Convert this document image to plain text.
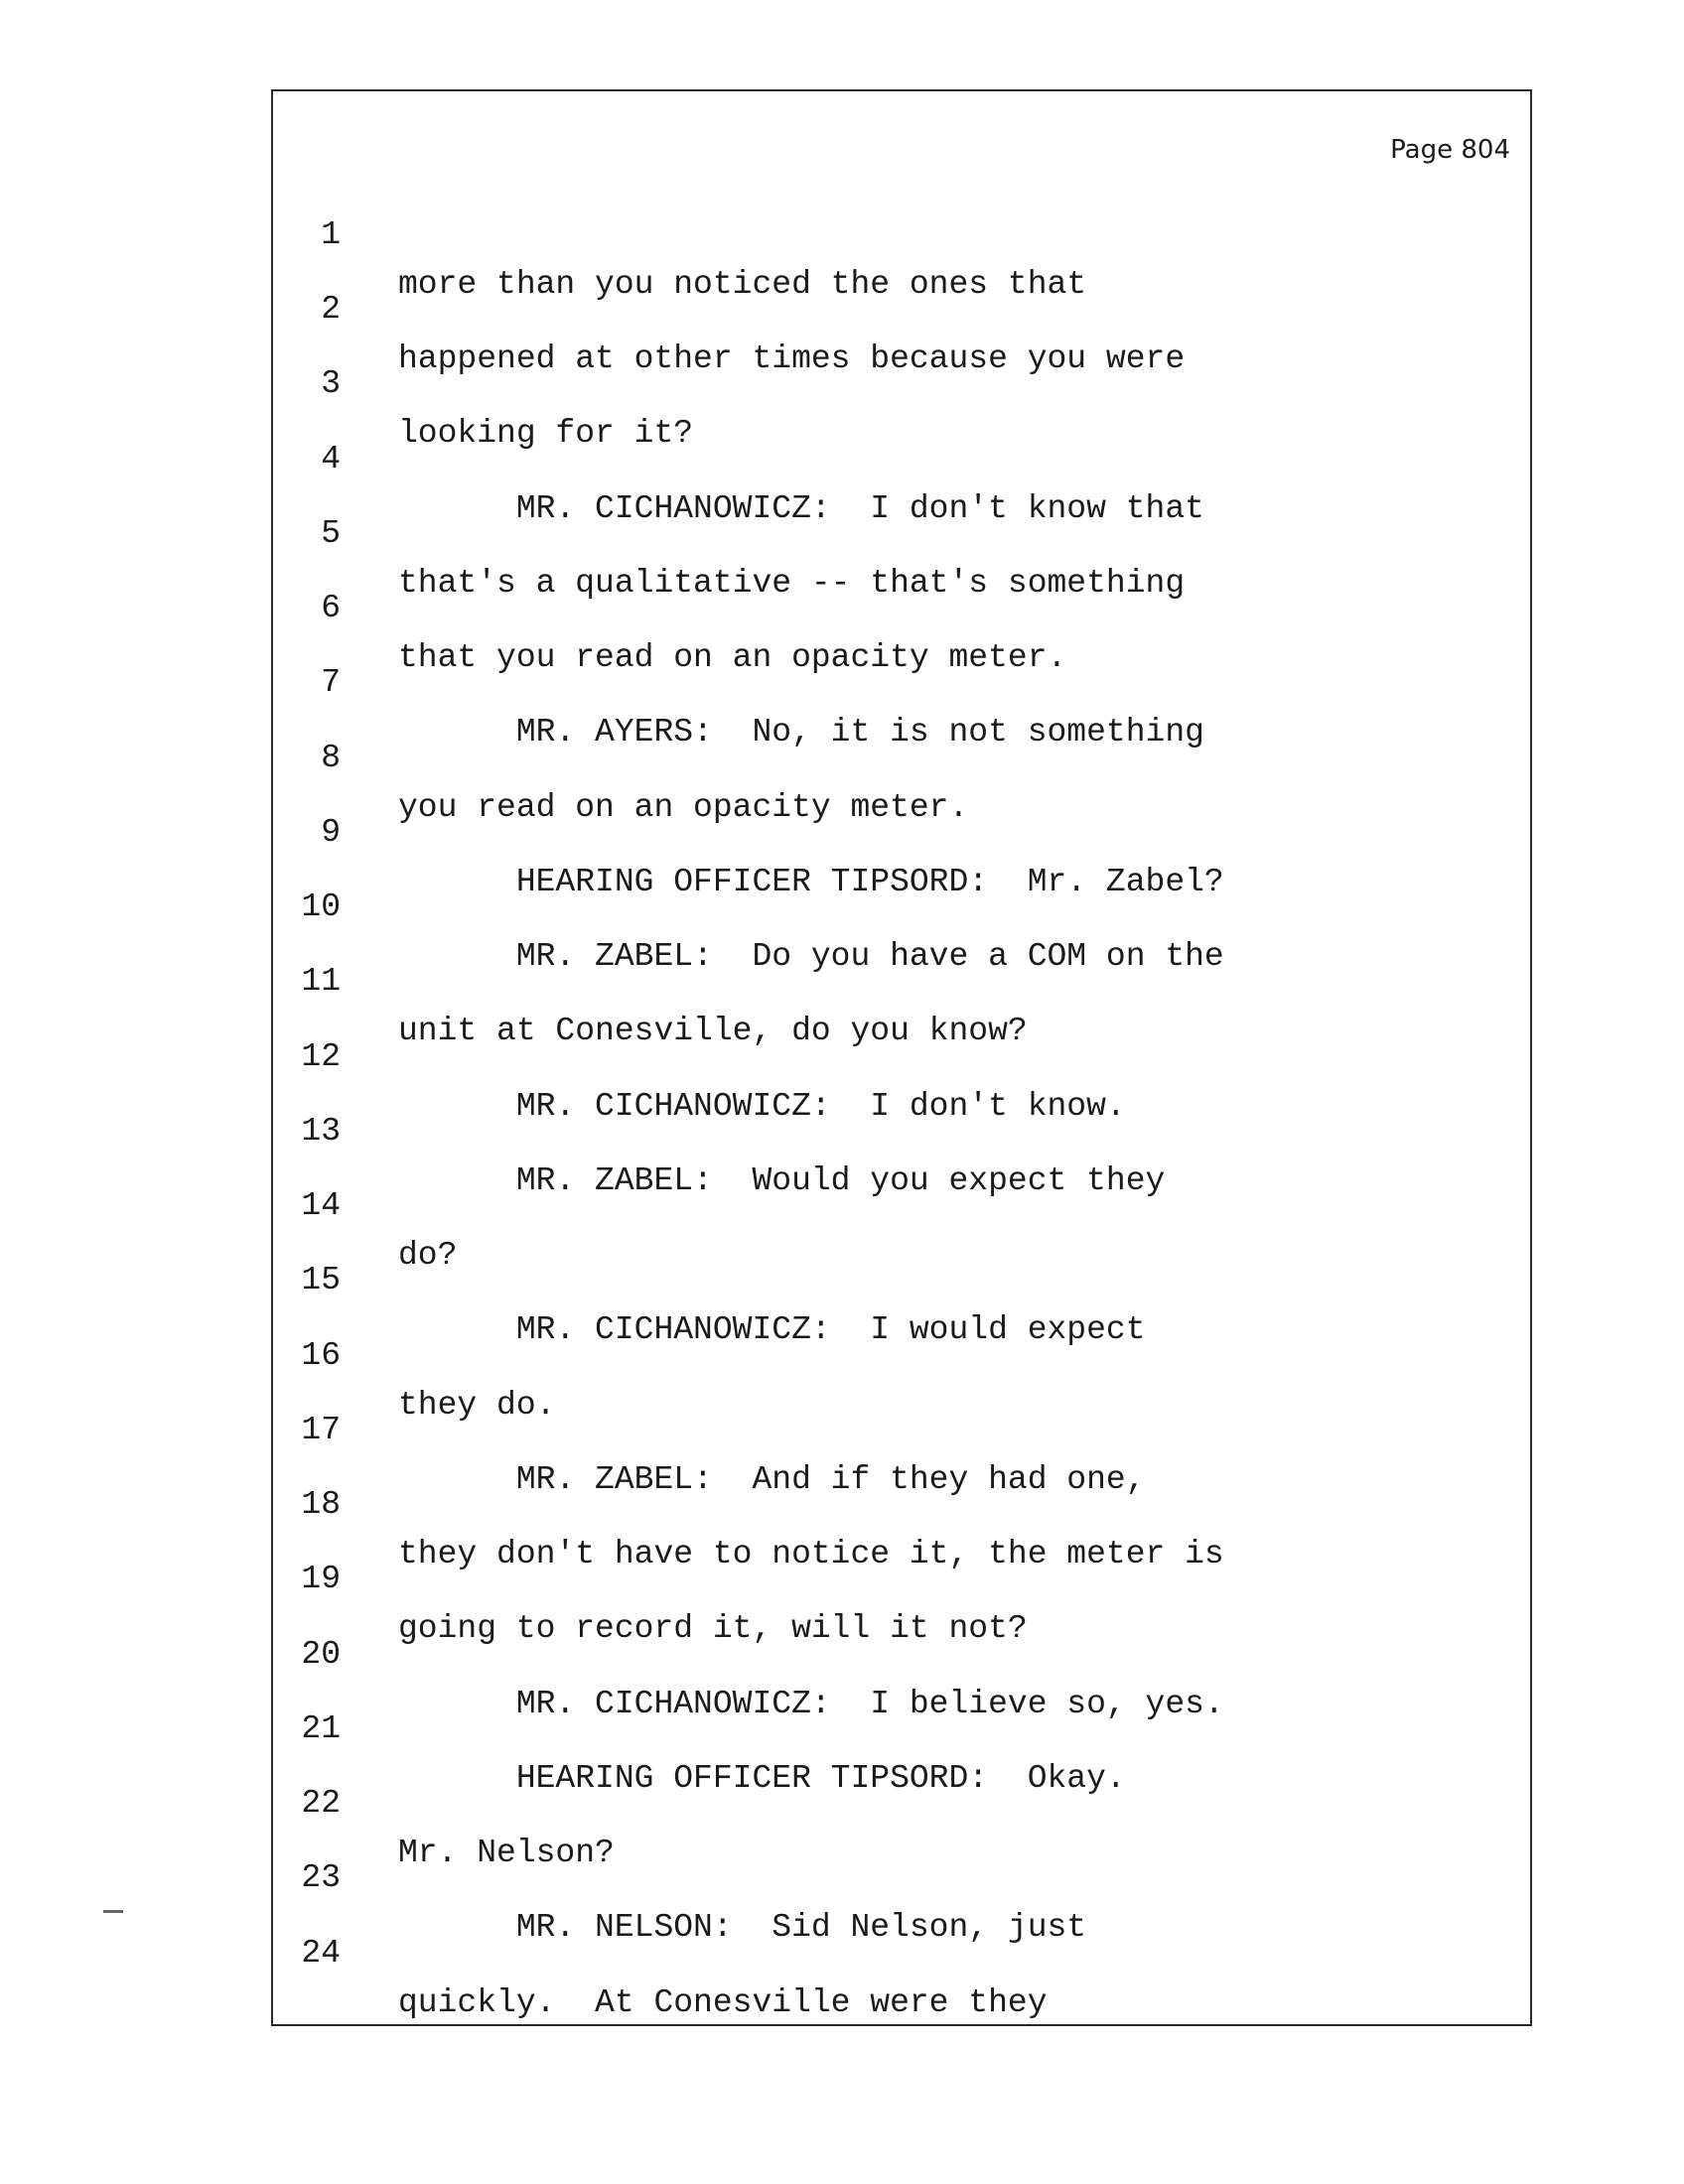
Page 804

1

more than you noticed the ones that

2

happened at other times because you were

3

looking for it?

4

MR. CICHANOWICZ:  I don't know that

5

that's a qualitative -- that's something

6

that you read on an opacity meter.

7

MR. AYERS:  No, it is not something

8

you read on an opacity meter.

9

HEARING OFFICER TIPSORD:  Mr. Zabel?

10

MR. ZABEL:  Do you have a COM on the

11

unit at Conesville, do you know?

12

MR. CICHANOWICZ:  I don't know.

13

MR. ZABEL:  Would you expect they

14

do?

15

MR. CICHANOWICZ:  I would expect

16

they do.

17

MR. ZABEL:  And if they had one,

18

they don't have to notice it, the meter is

19

going to record it, will it not?

20

MR. CICHANOWICZ:  I believe so, yes.

21

HEARING OFFICER TIPSORD:  Okay.

22

Mr. Nelson?

23

MR. NELSON:  Sid Nelson, just

24

quickly.  At Conesville were they
